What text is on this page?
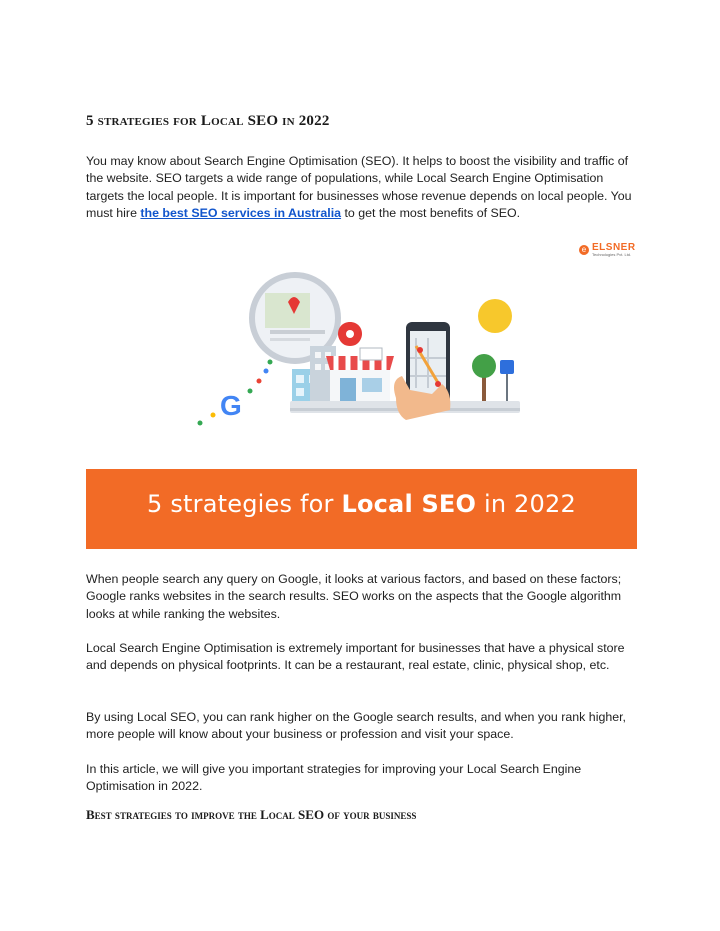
5 strategies for Local SEO in 2022

You may know about Search Engine Optimisation (SEO). It helps to boost the visibility and traffic of the website. SEO targets a wide range of populations, while Local Search Engine Optimisation targets the local people. It is important for businesses whose revenue depends on local people. You must hire the best SEO services in Australia to get the most benefits of SEO.

e ELSNER
Technologies Pvt. Ltd.
G
5 strategies for Local SEO in 2022

When people search any query on Google, it looks at various factors, and based on these factors; Google ranks websites in the search results. SEO works on the aspects that the Google algorithm looks at while ranking the websites.

Local Search Engine Optimisation is extremely important for businesses that have a physical store and depends on physical footprints. It can be a restaurant, real estate, clinic, physical shop, etc.

By using Local SEO, you can rank higher on the Google search results, and when you rank higher, more people will know about your business or profession and visit your space.

In this article, we will give you important strategies for improving your Local Search Engine Optimisation in 2022.

Best strategies to improve the Local SEO of your business
